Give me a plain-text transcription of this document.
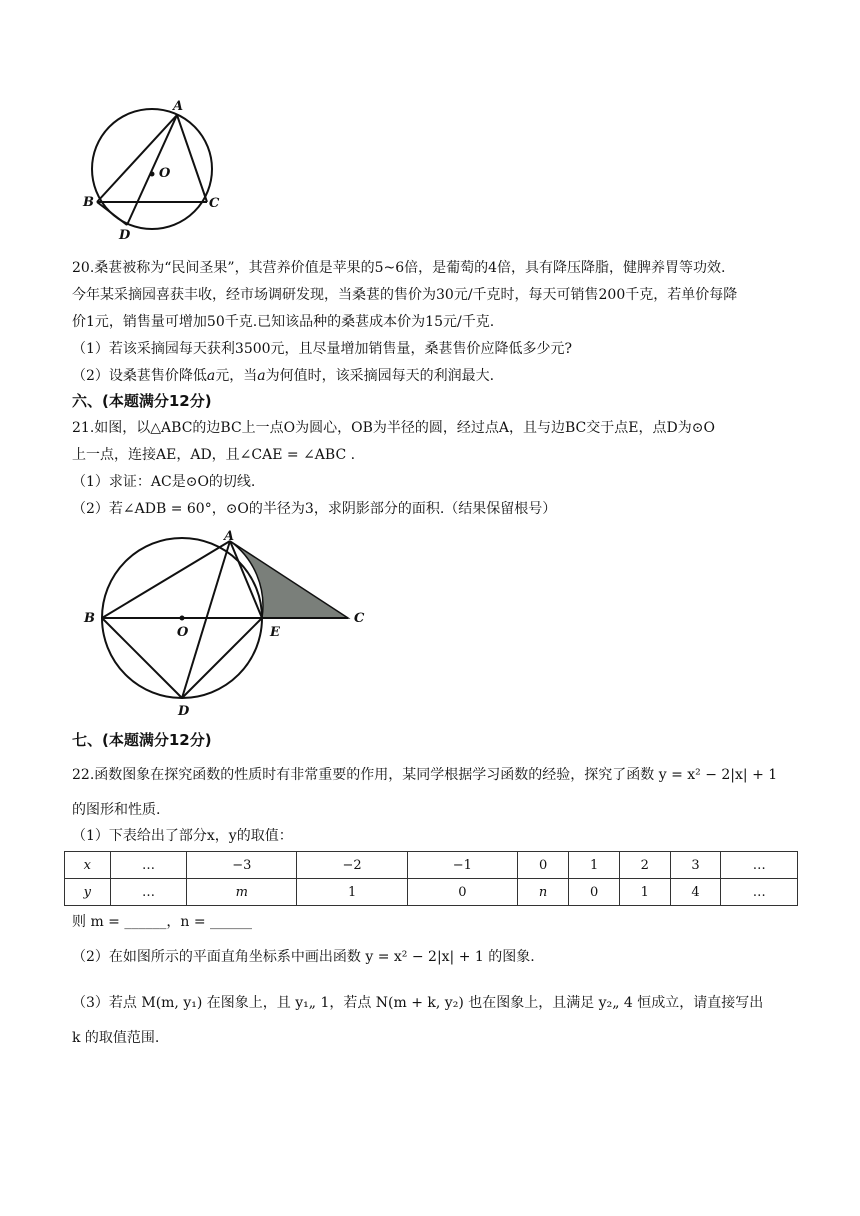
A
O
B	C
D
20.桑葚被称为“民间圣果”，其营养价值是苹果的5~6倍，是葡萄的4倍，具有降压降脂，健脾养胃等功效.
今年某采摘园喜获丰收，经市场调研发现，当桑葚的售价为30元/千克时，每天可销售200千克，若单价每降
价1元，销售量可增加50千克.已知该品种的桑葚成本价为15元/千克.
（1）若该采摘园每天获利3500元，且尽量增加销售量，桑葚售价应降低多少元?
（2）设桑葚售价降低a元，当a为何值时，该采摘园每天的利润最大.
六、(本题满分12分)
21.如图，以△ABC的边BC上一点O为圆心，OB为半径的圆，经过点A，且与边BC交于点E，点D为⊙O
上一点，连接AE，AD，且∠CAE = ∠ABC .
（1）求证：AC是⊙O的切线.
（2）若∠ADB = 60°，⊙O的半径为3，求阴影部分的面积.（结果保留根号）
A
B
O	E
C
D
七、(本题满分12分)
22.函数图象在探究函数的性质时有非常重要的作用，某同学根据学习函数的经验，探究了函数 y = x² − 2|x| + 1
的图形和性质.
（1）下表给出了部分x，y的取值：
x	…	−3	−2	−1	0	1	2	3	…
y	…	m	1	0	n	0	1	4	…
则 m = ______，n = ______
（2）在如图所示的平面直角坐标系中画出函数 y = x² − 2|x| + 1 的图象.
（3）若点 M(m, y₁) 在图象上，且 y₁„ 1，若点 N(m + k, y₂) 也在图象上，且满足 y₂„ 4 恒成立，请直接写出
k 的取值范围.
